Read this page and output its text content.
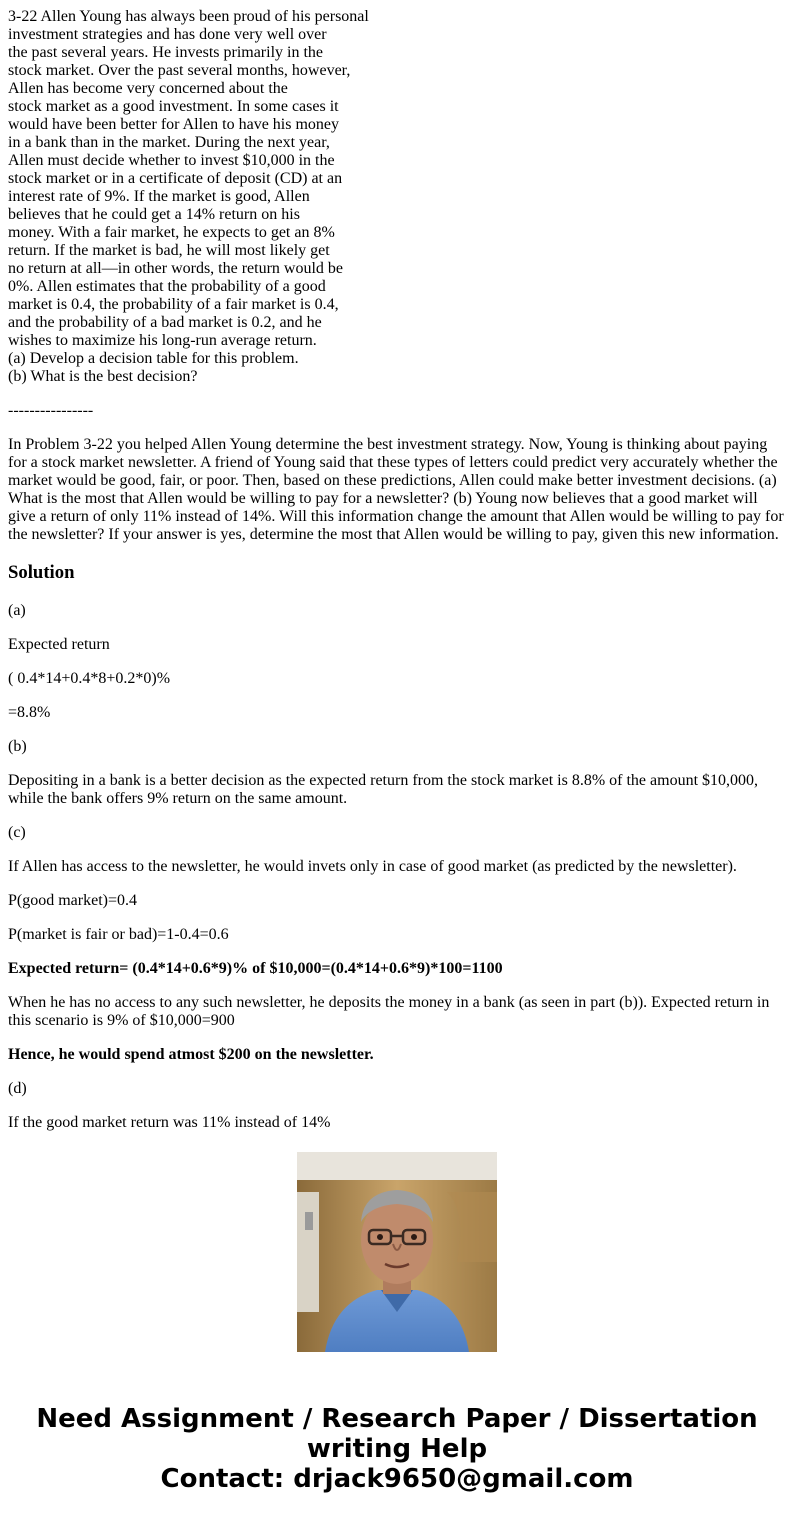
3-22 Allen Young has always been proud of his personal
investment strategies and has done very well over
the past several years. He invests primarily in the
stock market. Over the past several months, however,
Allen has become very concerned about the
stock market as a good investment. In some cases it
would have been better for Allen to have his money
in a bank than in the market. During the next year,
Allen must decide whether to invest $10,000 in the
stock market or in a certificate of deposit (CD) at an
interest rate of 9%. If the market is good, Allen
believes that he could get a 14% return on his
money. With a fair market, he expects to get an 8%
return. If the market is bad, he will most likely get
no return at all—in other words, the return would be
0%. Allen estimates that the probability of a good
market is 0.4, the probability of a fair market is 0.4,
and the probability of a bad market is 0.2, and he
wishes to maximize his long-run average return.
(a) Develop a decision table for this problem.
(b) What is the best decision?
----------------

In Problem 3-22 you helped Allen Young determine the best investment strategy. Now, Young is thinking about paying for a stock market newsletter. A friend of Young said that these types of letters could predict very accurately whether the market would be good, fair, or poor. Then, based on these predictions, Allen could make better investment decisions. (a) What is the most that Allen would be willing to pay for a newsletter? (b) Young now believes that a good market will give a return of only 11% instead of 14%. Will this information change the amount that Allen would be willing to pay for the newsletter? If your answer is yes, determine the most that Allen would be willing to pay, given this new information.

Solution

(a)

Expected return

( 0.4*14+0.4*8+0.2*0)%

=8.8%

(b)

Depositing in a bank is a better decision as the expected return from the stock market is 8.8% of the amount $10,000, while the bank offers 9% return on the same amount.

(c)

If Allen has access to the newsletter, he would invets only in case of good market (as predicted by the newsletter).

P(good market)=0.4

P(market is fair or bad)=1-0.4=0.6

Expected return= (0.4*14+0.6*9)% of $10,000=(0.4*14+0.6*9)*100=1100

When he has no access to any such newsletter, he deposits the money in a bank (as seen in part (b)). Expected return in this scenario is 9% of $10,000=900

Hence, he would spend atmost $200 on the newsletter.

(d)

If the good market return was 11% instead of 14%

Need Assignment / Research Paper / Dissertation
writing Help
Contact: drjack9650@gmail.com
